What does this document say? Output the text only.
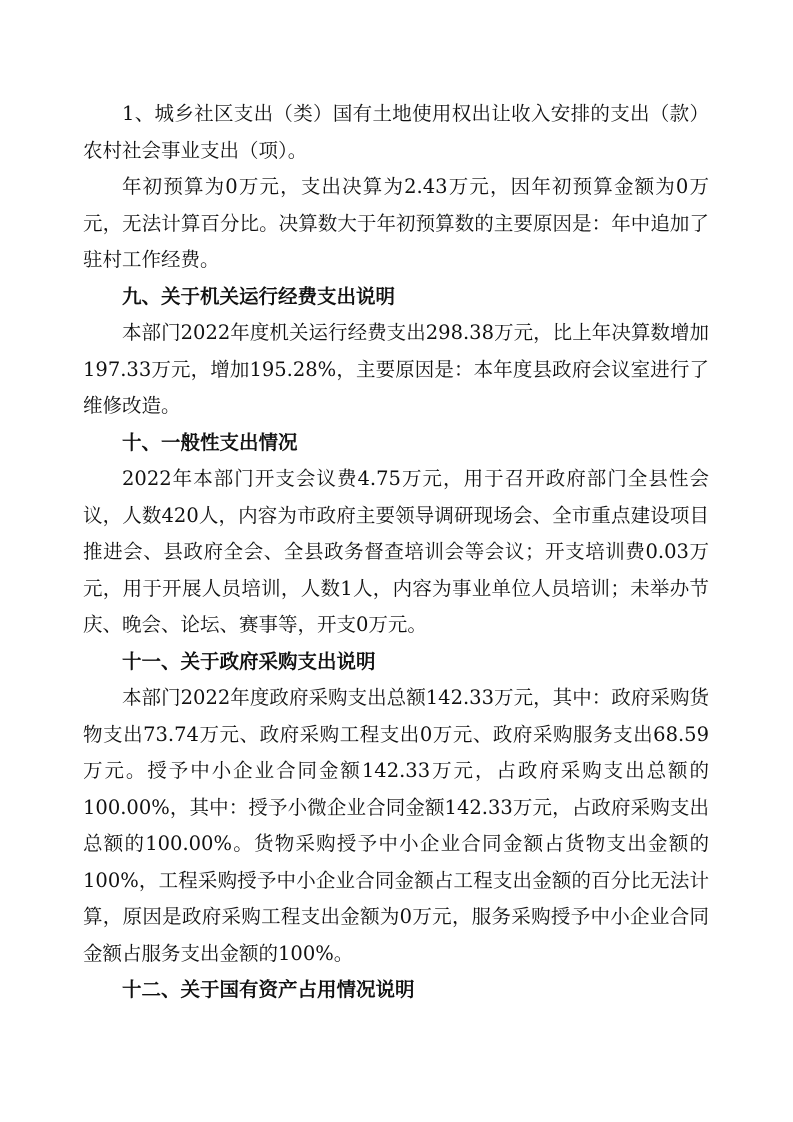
1、城乡社区支出（类）国有土地使用权出让收入安排的支出（款）农村社会事业支出（项）。

年初预算为0万元，支出决算为2.43万元，因年初预算金额为0万元，无法计算百分比。决算数大于年初预算数的主要原因是：年中追加了驻村工作经费。

九、关于机关运行经费支出说明

本部门2022年度机关运行经费支出298.38万元，比上年决算数增加197.33万元，增加195.28%，主要原因是：本年度县政府会议室进行了维修改造。

十、一般性支出情况

2022年本部门开支会议费4.75万元，用于召开政府部门全县性会议，人数420人，内容为市政府主要领导调研现场会、全市重点建设项目推进会、县政府全会、全县政务督查培训会等会议；开支培训费0.03万元，用于开展人员培训，人数1人，内容为事业单位人员培训；未举办节庆、晚会、论坛、赛事等，开支0万元。

十一、关于政府采购支出说明

本部门2022年度政府采购支出总额142.33万元，其中：政府采购货物支出73.74万元、政府采购工程支出0万元、政府采购服务支出68.59万元。授予中小企业合同金额142.33万元，占政府采购支出总额的100.00%，其中：授予小微企业合同金额142.33万元，占政府采购支出总额的100.00%。货物采购授予中小企业合同金额占货物支出金额的100%，工程采购授予中小企业合同金额占工程支出金额的百分比无法计算，原因是政府采购工程支出金额为0万元，服务采购授予中小企业合同金额占服务支出金额的100%。

十二、关于国有资产占用情况说明
